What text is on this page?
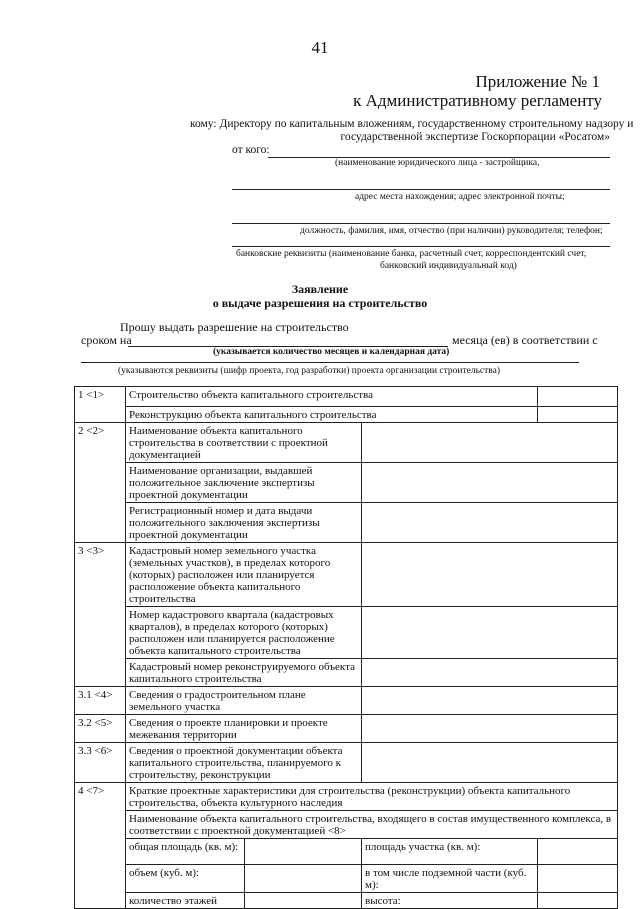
41
Приложение № 1
к Административному регламенту
кому: Директору по капитальным вложениям, государственному строительному надзору и
государственной экспертизе Госкорпорации «Росатом»
от кого:
(наименование юридического лица - застройщика,
адрес места нахождения; адрес электронной почты;
должность, фамилия, имя, отчество (при наличии) руководителя; телефон;
банковские реквизиты (наименование банка, расчетный счет, корреспондентский счет,
банковский индивидуальный код)
Заявление
о выдаче разрешения на строительство
Прошу выдать разрешение на строительство
сроком на	месяца (ев) в соответствии с
(указывается количество месяцев и календарная дата)
(указываются реквизиты (шифр проекта, год разработки) проекта организации строительства)
1 <1>	Строительство объекта капитального строительства			
	Реконструкцию объекта капитального строительства			
2 <2>	Наименование объекта капитального строительства в соответствии с проектной документацией			
	Наименование организации, выдавшей положительное заключение экспертизы проектной документации			
	Регистрационный номер и дата выдачи положительного заключения экспертизы проектной документации			
3 <3>	Кадастровый номер земельного участка (земельных участков), в пределах которого (которых) расположен или планируется расположение объекта капитального строительства			
	Номер кадастрового квартала (кадастровых кварталов), в пределах которого (которых) расположен или планируется расположение объекта капитального строительства			
	Кадастровый номер реконструируемого объекта капитального строительства			
3.1 <4>	Сведения о градостроительном плане земельного участка			
3.2 <5>	Сведения о проекте планировки и проекте межевания территории			
3.3 <6>	Сведения о проектной документации объекта капитального строительства, планируемого к строительству, реконструкции			
4 <7>	Краткие проектные характеристики для строительства (реконструкции) объекта капитального строительства, объекта культурного наследия			
	Наименование объекта капитального строительства, входящего в состав имущественного комплекса, в соответствии с проектной документацией <8>			
	общая площадь (кв. м):		площадь участка (кв. м):	
	объем (куб. м):		в том числе подземной части (куб. м):	
	количество этажей		высота:	
